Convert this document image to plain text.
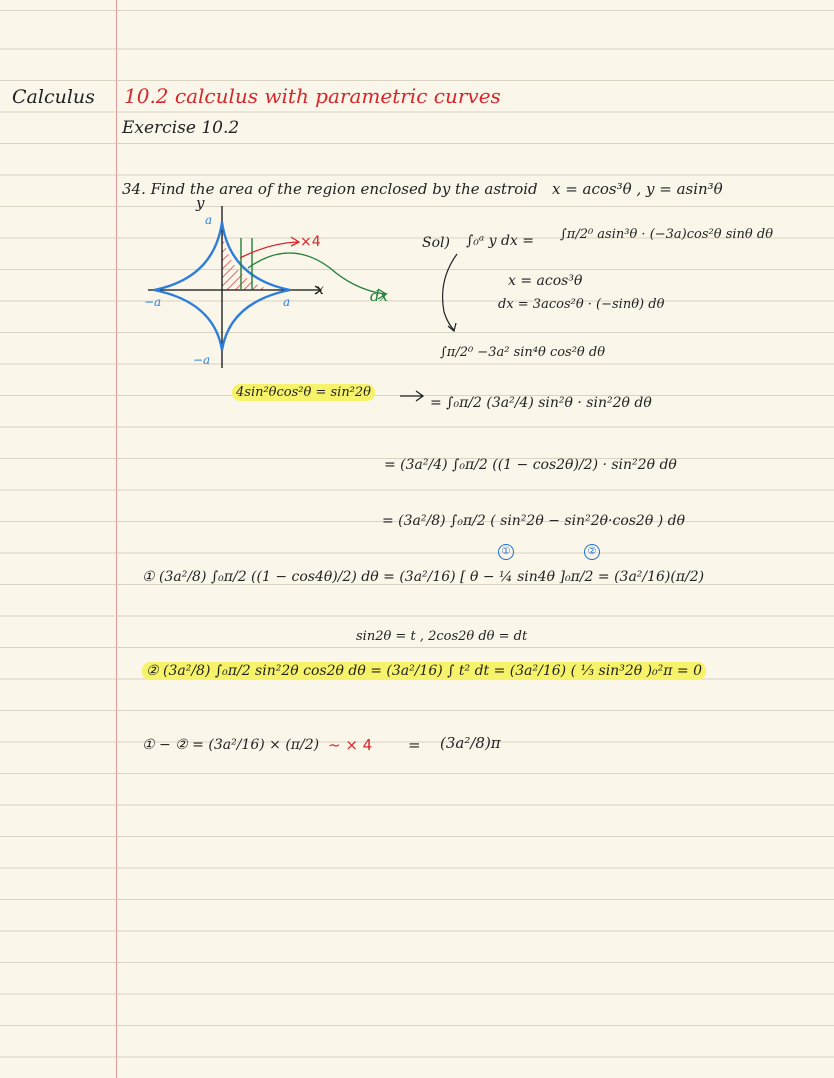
Calculus 10.2 calculus with parametric curves
Exercise 10.2
34. Find the area of the region enclosed by the astroid x = acos³θ , y = asin³θ
y
x
a
a
−a
−a
×4
dx
Sol) ∫₀ᵃ y dx = ∫π/2⁰ asin³θ · (−3a)cos²θ sinθ dθ
x = acos³θ
dx = 3acos²θ · (−sinθ) dθ
∫π/2⁰ −3a² sin⁴θ cos²θ dθ
4sin²θcos²θ = sin²2θ
= ∫₀π/2 (3a²/4) sin²θ · sin²2θ dθ
= (3a²/4) ∫₀π/2 ((1 − cos2θ)/2) · sin²2θ dθ
= (3a²/8) ∫₀π/2 ( sin²2θ − sin²2θ·cos2θ ) dθ
①	②
① (3a²/8) ∫₀π/2 ((1 − cos4θ)/2) dθ = (3a²/16) [ θ − ¼ sin4θ ]₀π/2 = (3a²/16)(π/2)
sin2θ = t , 2cos2θ dθ = dt
② (3a²/8) ∫₀π/2 sin²2θ cos2θ dθ = (3a²/16) ∫ t² dt = (3a²/16) ( ⅓ sin³2θ )₀²π = 0
① − ② = (3a²/16) × (π/2) ~ × 4 = (3a²/8)π
